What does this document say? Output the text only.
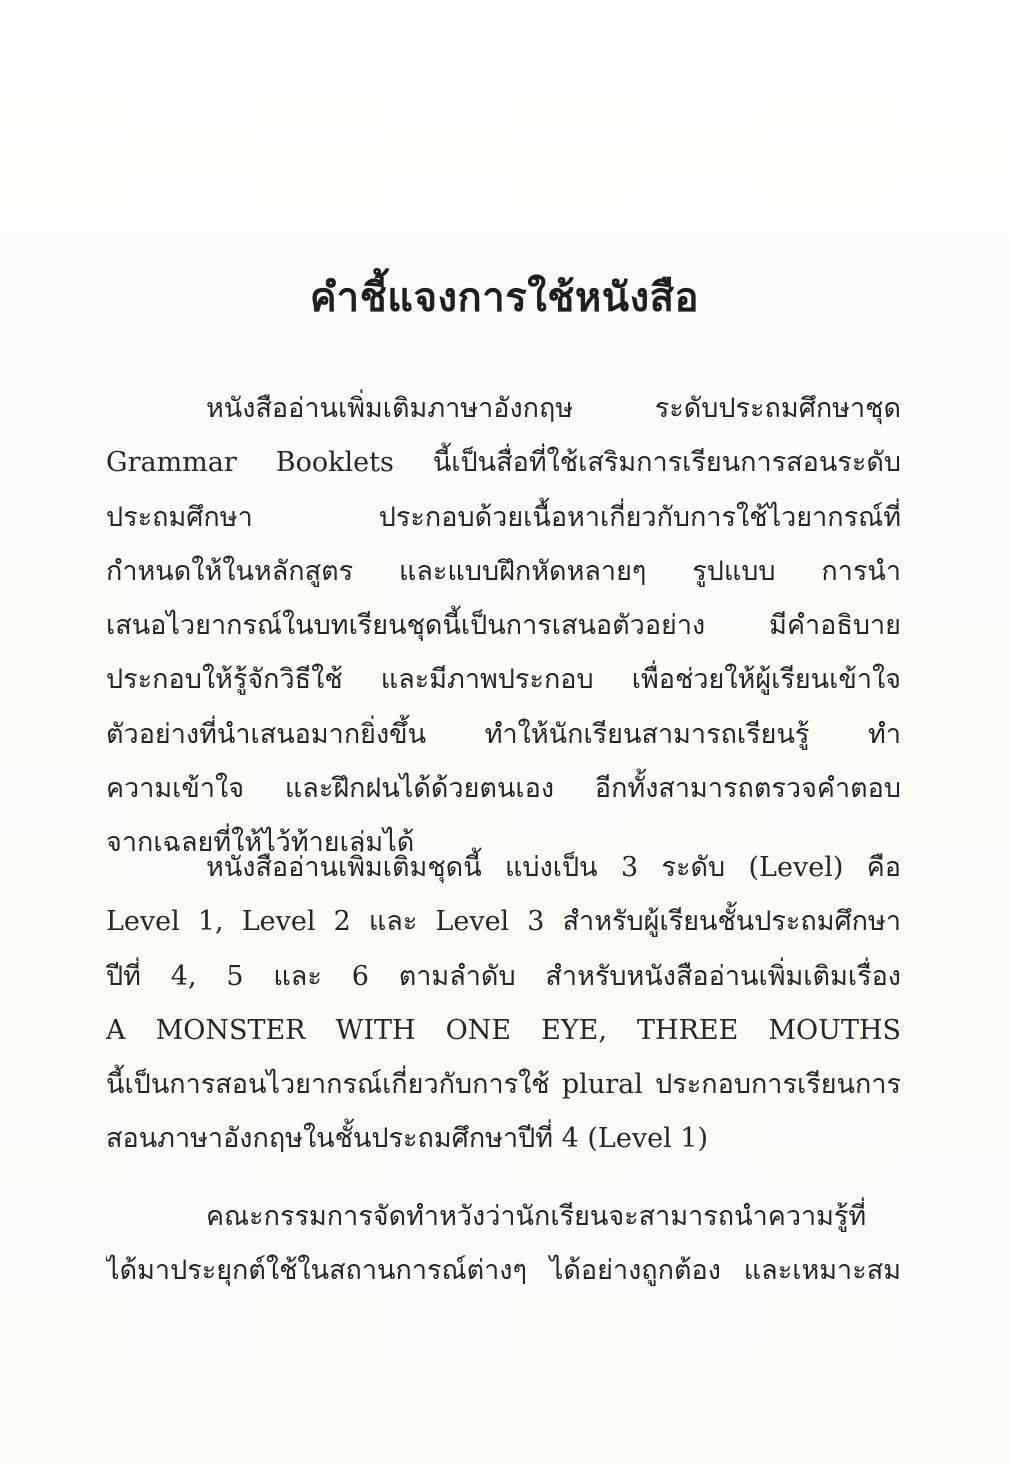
คำชี้แจงการใช้หนังสือ
หนังสืออ่านเพิ่มเติมภาษาอังกฤษ ระดับประถมศึกษาชุด
Grammar Booklets นี้เป็นสื่อที่ใช้เสริมการเรียนการสอนระดับ
ประถมศึกษา ประกอบด้วยเนื้อหาเกี่ยวกับการใช้ไวยากรณ์ที่
กำหนดให้ในหลักสูตร และแบบฝึกหัดหลายๆ รูปแบบ การนำ
เสนอไวยากรณ์ในบทเรียนชุดนี้เป็นการเสนอตัวอย่าง มีคำอธิบาย
ประกอบให้รู้จักวิธีใช้ และมีภาพประกอบ เพื่อช่วยให้ผู้เรียนเข้าใจ
ตัวอย่างที่นำเสนอมากยิ่งขึ้น ทำให้นักเรียนสามารถเรียนรู้ ทำ
ความเข้าใจ และฝึกฝนได้ด้วยตนเอง อีกทั้งสามารถตรวจคำตอบ
จากเฉลยที่ให้ไว้ท้ายเล่มได้
หนังสืออ่านเพิ่มเติมชุดนี้ แบ่งเป็น 3 ระดับ (Level) คือ
Level 1, Level 2 และ Level 3 สำหรับผู้เรียนชั้นประถมศึกษา
ปีที่ 4, 5 และ 6 ตามลำดับ สำหรับหนังสืออ่านเพิ่มเติมเรื่อง
A MONSTER WITH ONE EYE, THREE MOUTHS
นี้เป็นการสอนไวยากรณ์เกี่ยวกับการใช้ plural ประกอบการเรียนการ
สอนภาษาอังกฤษในชั้นประถมศึกษาปีที่ 4 (Level 1)
คณะกรรมการจัดทำหวังว่านักเรียนจะสามารถนำความรู้ที่
ได้มาประยุกต์ใช้ในสถานการณ์ต่างๆ ได้อย่างถูกต้อง และเหมาะสม
